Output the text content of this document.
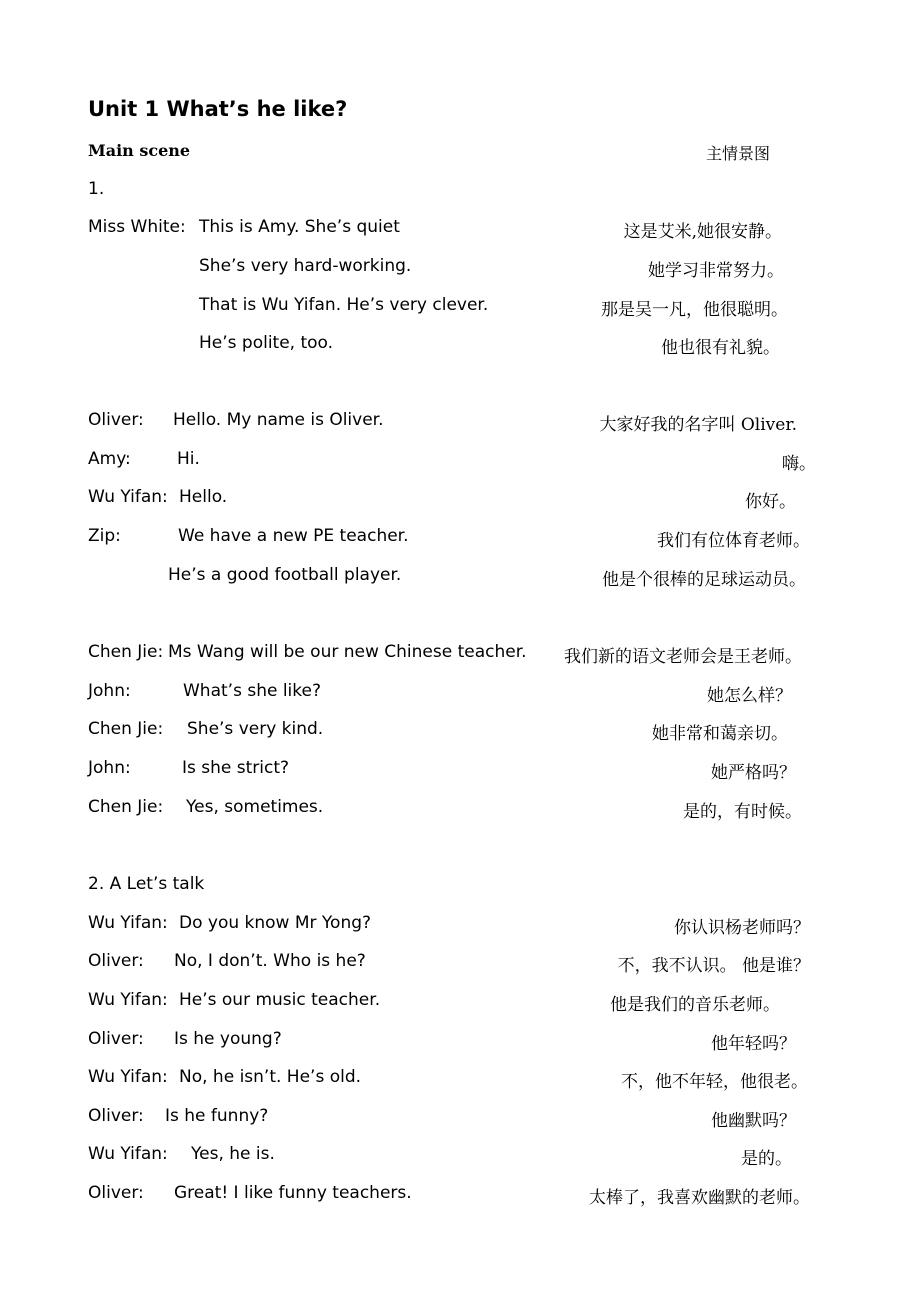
Unit 1 What’s he like?
Main scene	主情景图
1.
Miss White: This is Amy. She’s quiet	这是艾米,她很安静。
She’s very hard-working.	她学习非常努力。
That is Wu Yifan. He’s very clever.	那是吴一凡，他很聪明。
He’s polite, too.	他也很有礼貌。
Oliver: Hello. My name is Oliver.	大家好我的名字叫 Oliver.
Amy:	Hi.	嗨。
Wu Yifan: Hello.	你好。
Zip:	We have a new PE teacher.	我们有位体育老师。
He’s a good football player.	他是个很棒的足球运动员。
Chen Jie: Ms Wang will be our new Chinese teacher. 我们新的语文老师会是王老师。
John:	What’s she like?	她怎么样？
Chen Jie: She’s very kind.	她非常和蔼亲切。
John:	Is she strict?	她严格吗？
Chen Jie: Yes, sometimes.	是的，有时候。
2. A Let’s talk
Wu Yifan: Do you know Mr Yong?	你认识杨老师吗？
Oliver: No, I don’t. Who is he?	不，我不认识。 他是谁？
Wu Yifan: He’s our music teacher.	他是我们的音乐老师。
Oliver: Is he young?	他年轻吗？
Wu Yifan: No, he isn’t. He’s old.	不，他不年轻，他很老。
Oliver: Is he funny?	他幽默吗？
Wu Yifan: Yes, he is.	是的。
Oliver: Great! I like funny teachers.	太棒了，我喜欢幽默的老师。
